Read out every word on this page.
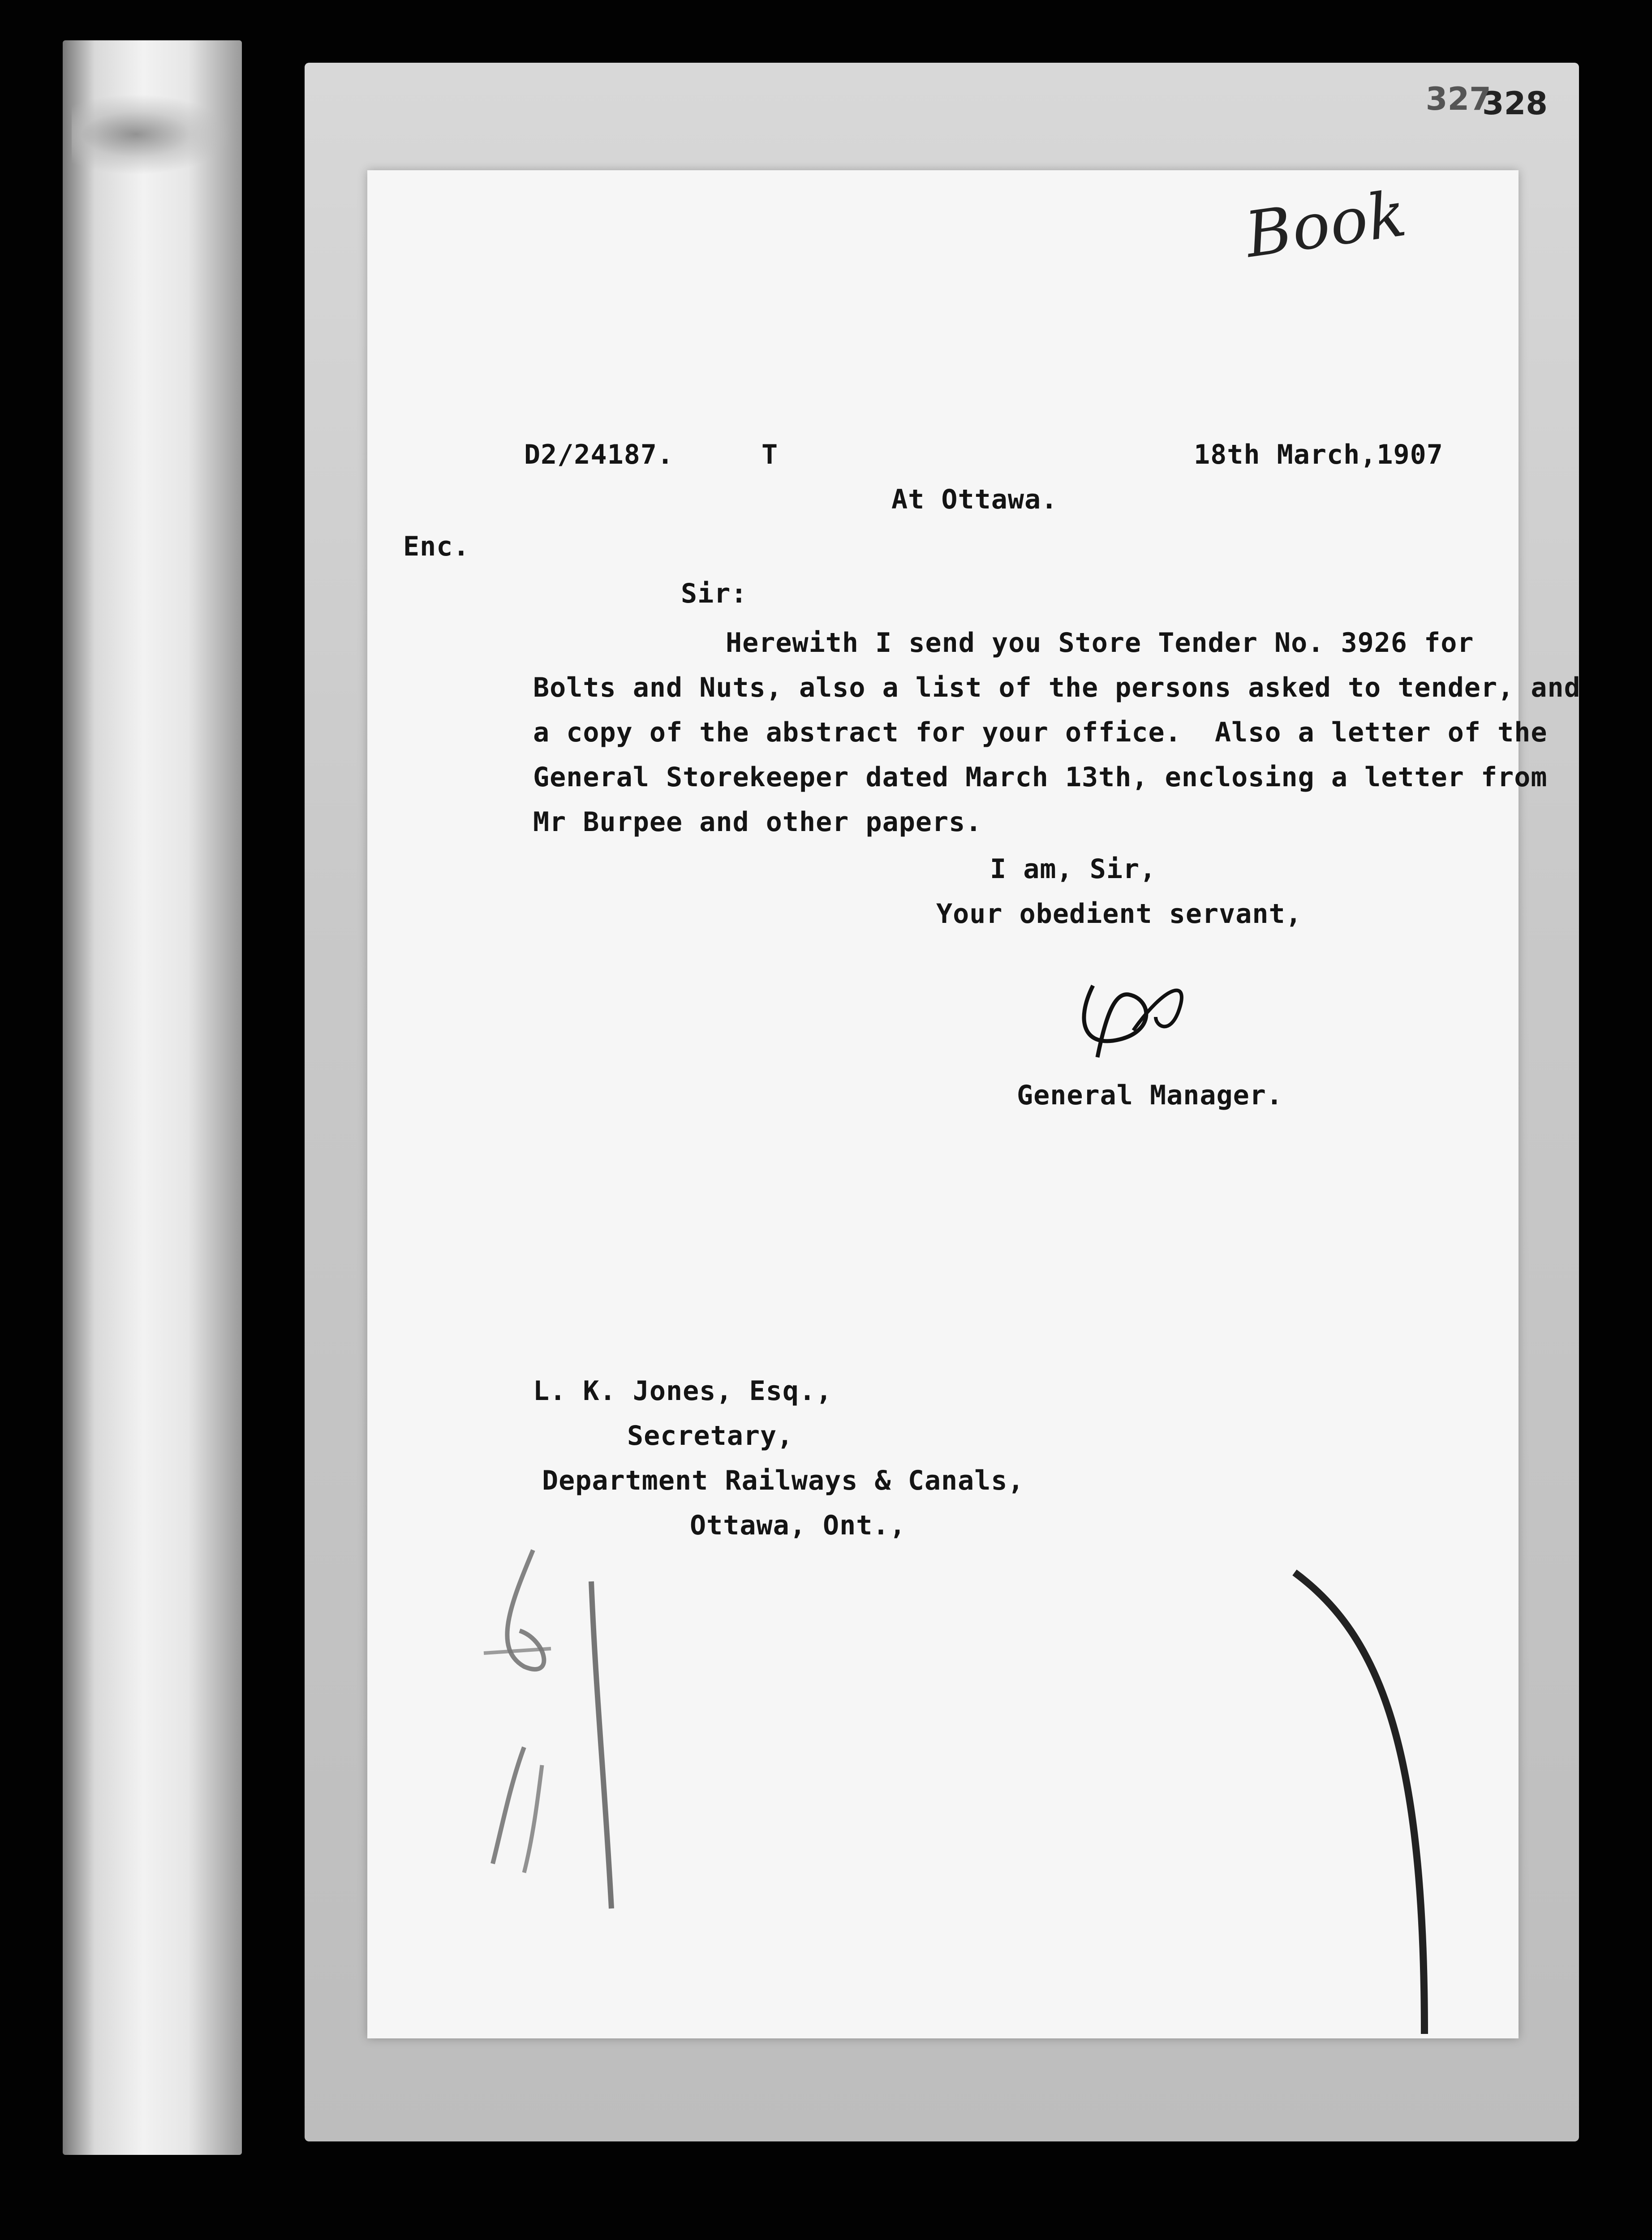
327328
Book
D2/24187.	T	18th March,1907
At Ottawa.
Enc.
Sir:
Herewith I send you Store Tender No. 3926 for
Bolts and Nuts, also a list of the persons asked to tender, and
a copy of the abstract for your office.  Also a letter of the
General Storekeeper dated March 13th, enclosing a letter from
Mr Burpee and other papers.
I am, Sir,
Your obedient servant,
General Manager.
L. K. Jones, Esq.,
Secretary,
Department Railways & Canals,
Ottawa, Ont.,
